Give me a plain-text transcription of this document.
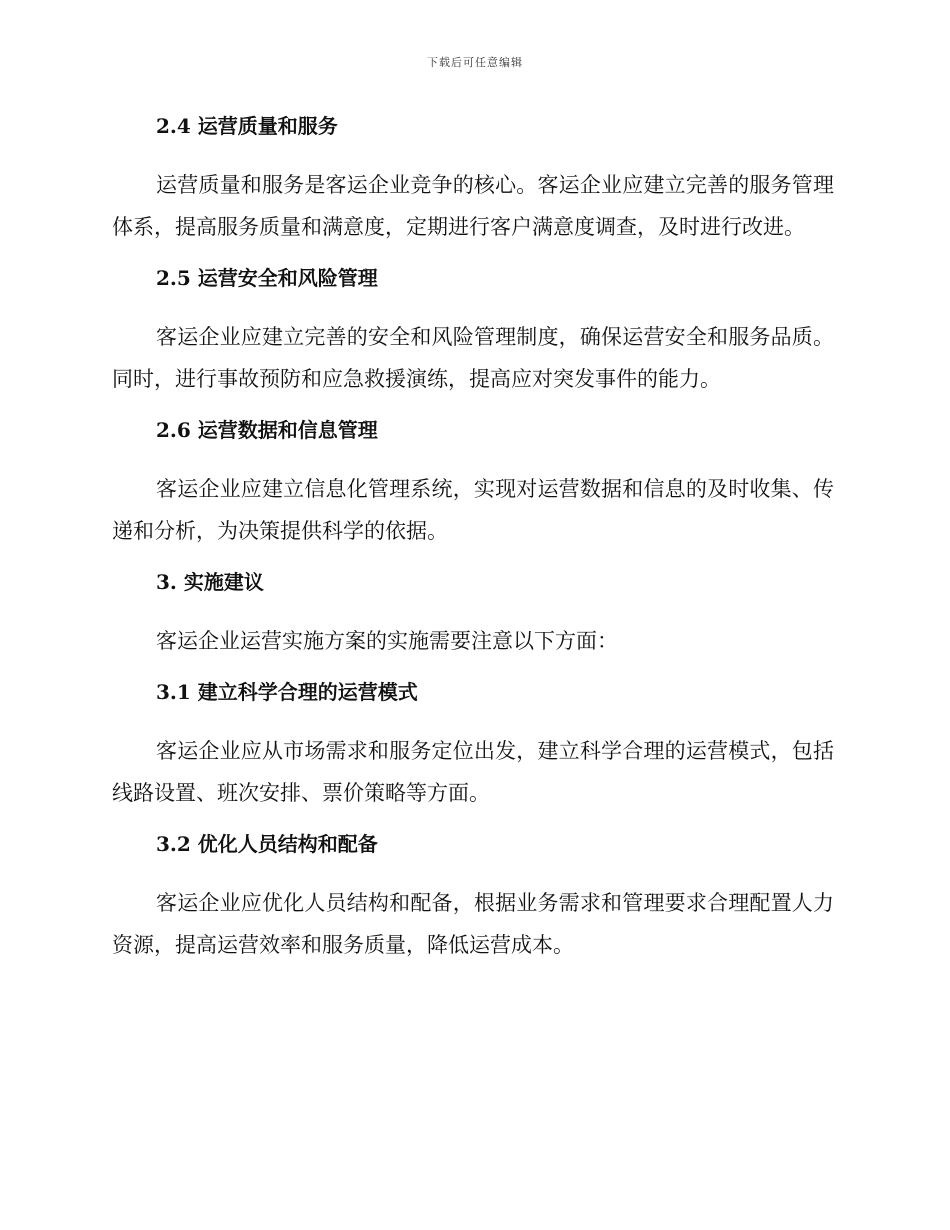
下载后可任意编辑
2.4 运营质量和服务

运营质量和服务是客运企业竞争的核心。客运企业应建立完善的服务管理体系，提高服务质量和满意度，定期进行客户满意度调查，及时进行改进。

2.5 运营安全和风险管理

客运企业应建立完善的安全和风险管理制度，确保运营安全和服务品质。同时，进行事故预防和应急救援演练，提高应对突发事件的能力。

2.6 运营数据和信息管理

客运企业应建立信息化管理系统，实现对运营数据和信息的及时收集、传递和分析，为决策提供科学的依据。

3. 实施建议

客运企业运营实施方案的实施需要注意以下方面：

3.1 建立科学合理的运营模式

客运企业应从市场需求和服务定位出发，建立科学合理的运营模式，包括线路设置、班次安排、票价策略等方面。

3.2 优化人员结构和配备

客运企业应优化人员结构和配备，根据业务需求和管理要求合理配置人力资源，提高运营效率和服务质量，降低运营成本。
